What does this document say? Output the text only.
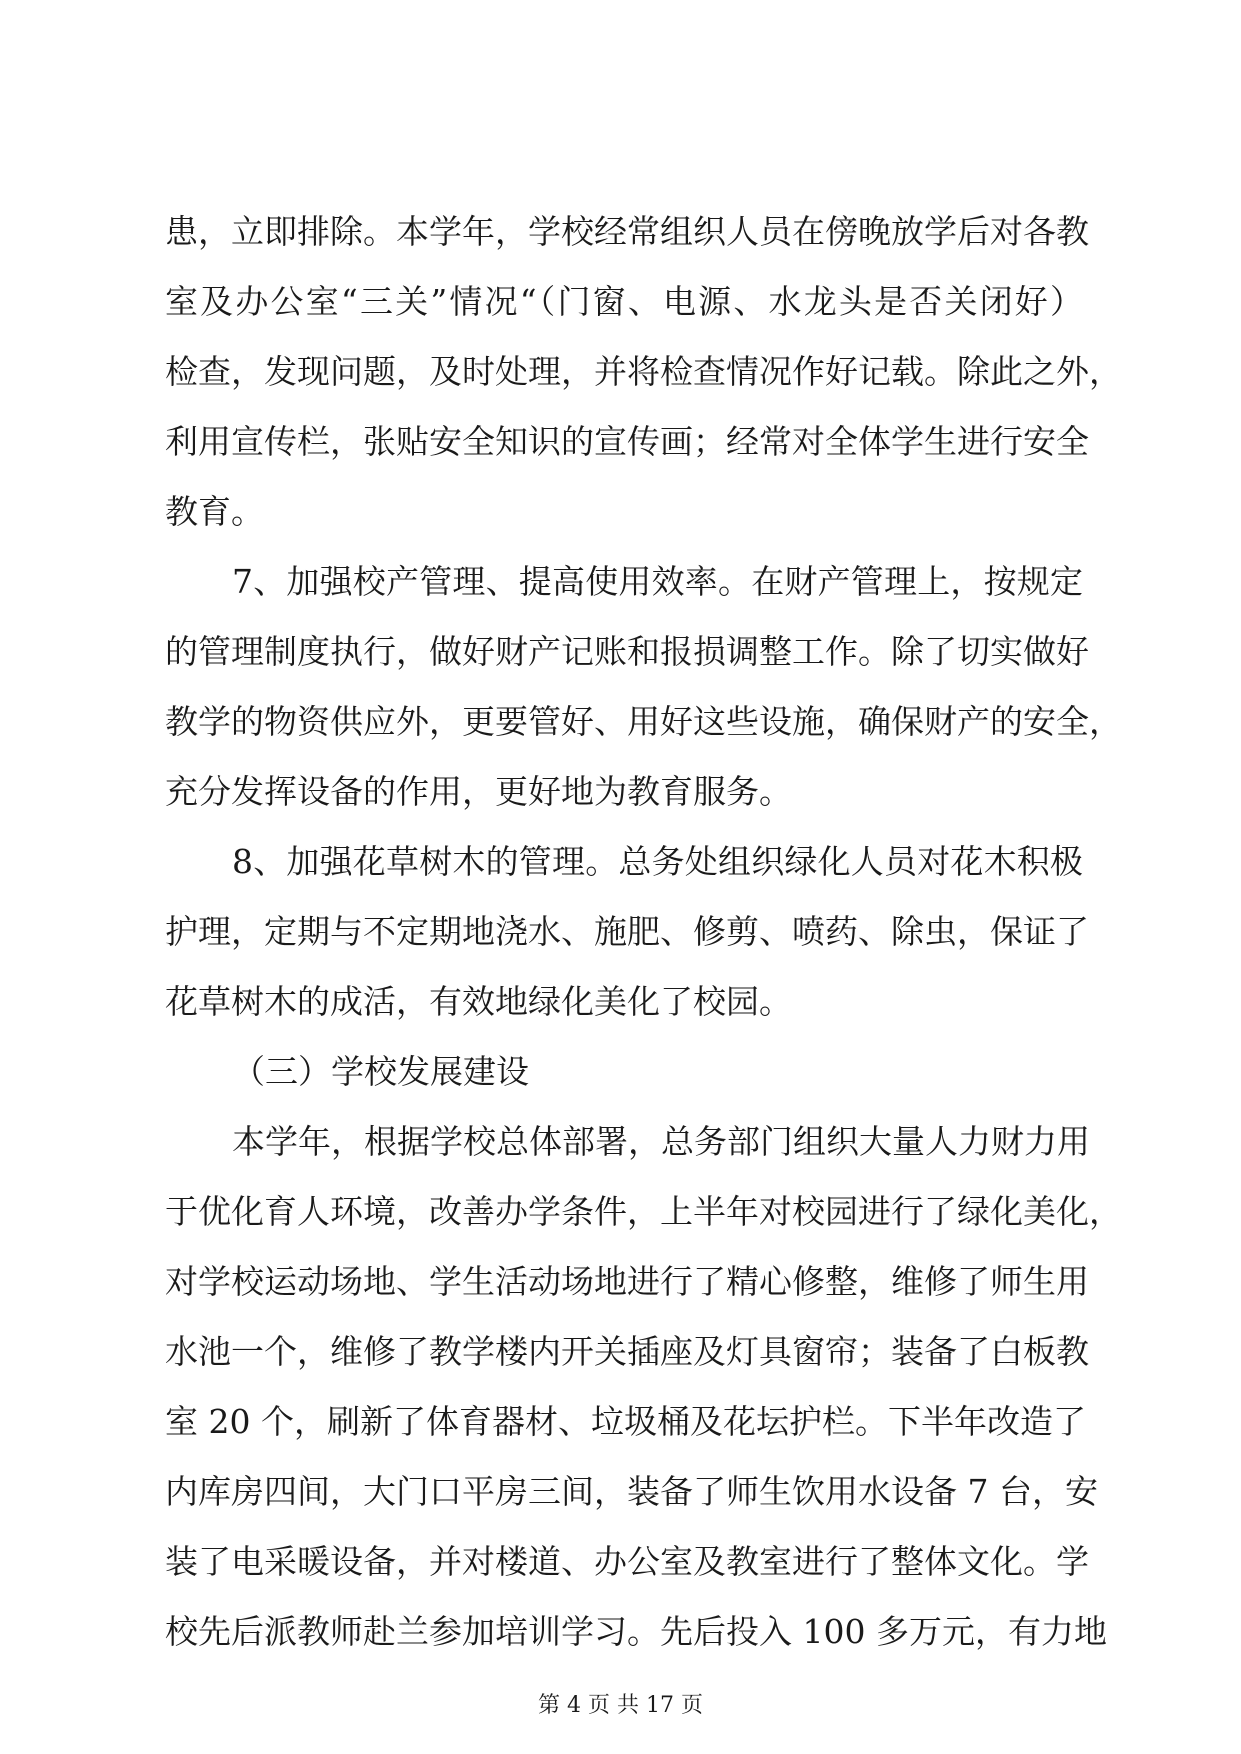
患，立即排除。本学年，学校经常组织人员在傍晚放学后对各教
室及办公室“三关”情况“（门窗、电源、水龙头是否关闭好）
检查，发现问题，及时处理，并将检查情况作好记载。除此之外，
利用宣传栏，张贴安全知识的宣传画；经常对全体学生进行安全
教育。
7、加强校产管理、提高使用效率。在财产管理上，按规定
的管理制度执行，做好财产记账和报损调整工作。除了切实做好
教学的物资供应外，更要管好、用好这些设施，确保财产的安全，
充分发挥设备的作用，更好地为教育服务。
8、加强花草树木的管理。总务处组织绿化人员对花木积极
护理，定期与不定期地浇水、施肥、修剪、喷药、除虫，保证了
花草树木的成活，有效地绿化美化了校园。
（三）学校发展建设
本学年，根据学校总体部署，总务部门组织大量人力财力用
于优化育人环境，改善办学条件，上半年对校园进行了绿化美化，
对学校运动场地、学生活动场地进行了精心修整，维修了师生用
水池一个，维修了教学楼内开关插座及灯具窗帘；装备了白板教
室 20 个，刷新了体育器材、垃圾桶及花坛护栏。下半年改造了
内库房四间，大门口平房三间，装备了师生饮用水设备 7 台，安
装了电采暖设备，并对楼道、办公室及教室进行了整体文化。学
校先后派教师赴兰参加培训学习。先后投入 100 多万元，有力地
第 4 页 共 17 页
